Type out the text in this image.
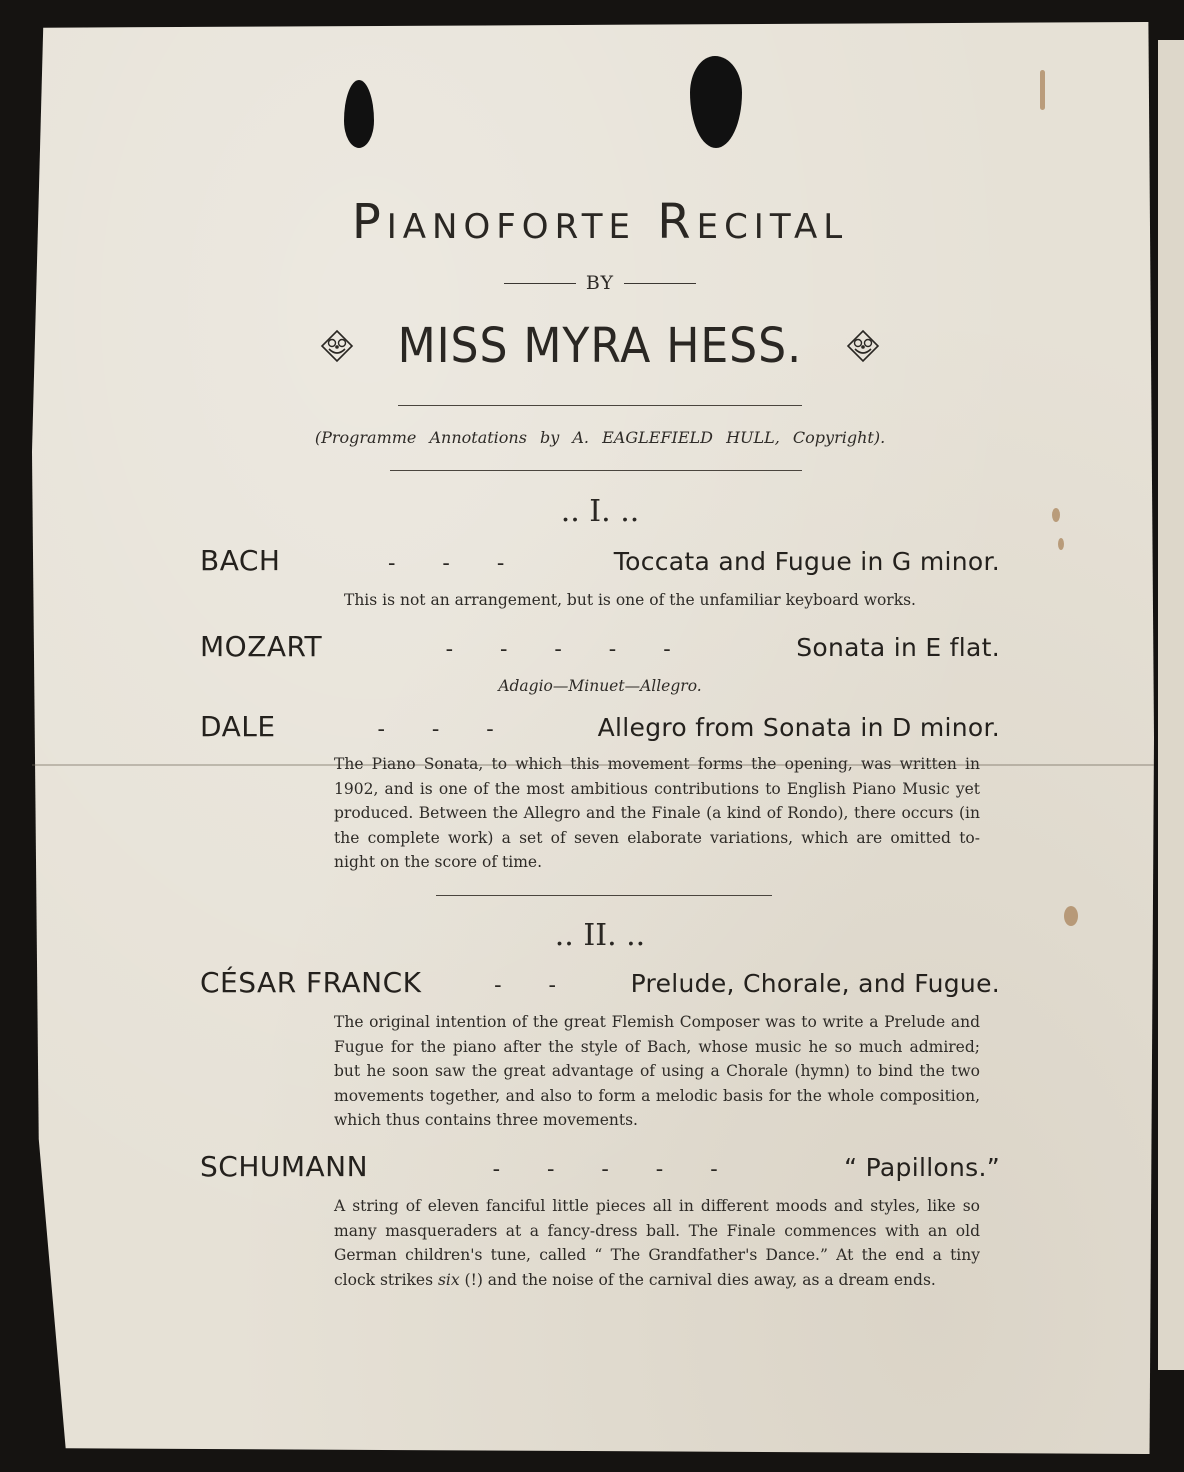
Pianoforte Recital
BY
MISS MYRA HESS.
(Programme Annotations by A. EAGLEFIELD HULL, Copyright).
.. I. ..
BACH	-     -     -	Toccata and Fugue in G minor.
This is not an arrangement, but is one of the unfamiliar keyboard works.
MOZART	-     -     -     -     -	Sonata in E flat.
Adagio—Minuet—Allegro.
DALE	-     -     -	Allegro from Sonata in D minor.
The Piano Sonata, to which this movement forms the opening, was written in 1902, and is one of the most ambitious contributions to English Piano Music yet produced. Between the Allegro and the Finale (a kind of Rondo), there occurs (in the complete work) a set of seven elaborate variations, which are omitted to-night on the score of time.
.. II. ..
CÉSAR FRANCK	-     -	Prelude, Chorale, and Fugue.
The original intention of the great Flemish Composer was to write a Prelude and Fugue for the piano after the style of Bach, whose music he so much admired; but he soon saw the great advantage of using a Chorale (hymn) to bind the two movements together, and also to form a melodic basis for the whole composition, which thus contains three movements.
SCHUMANN	-     -     -     -     -	“ Papillons.”
A string of eleven fanciful little pieces all in different moods and styles, like so many masqueraders at a fancy-dress ball. The Finale commences with an old German children's tune, called “ The Grandfather's Dance.” At the end a tiny clock strikes six (!) and the noise of the carnival dies away, as a dream ends.
